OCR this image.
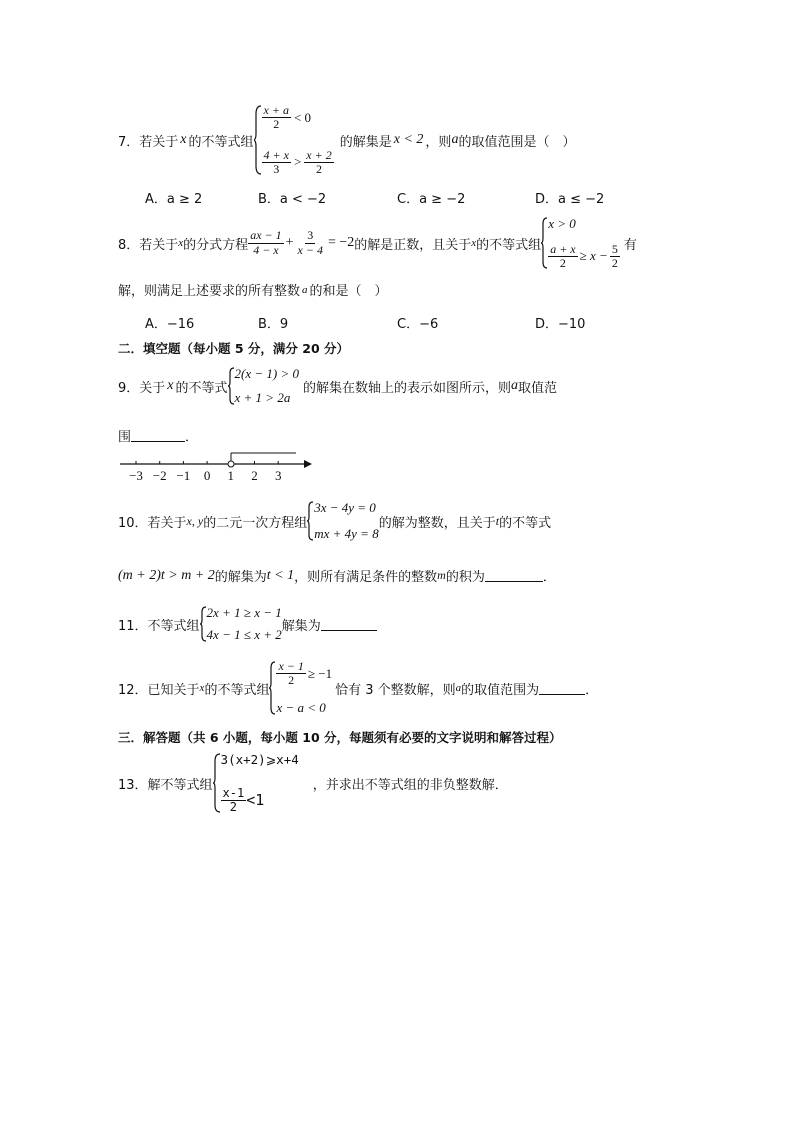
7．若关于 x 的不等式组
$\frac{x + a}{2} < 0$
$\frac{4 + x}{3} > \frac{x + 2}{2}$
的解集是 x < 2 ，则 a 的取值范围是（　）
A．a ≥ 2	B．a < −2	C．a ≥ −2	D．a ≤ −2
8．若关于 x 的分式方程 $\frac{ax - 1}{4 - x} + \frac{3}{x - 4} = -2$ 的解是正数，且关于 x 的不等式组
x > 0
$\frac{a + x}{2} \ge x - \frac{5}{2}$ 有
解，则满足上述要求的所有整数 a 的和是（　）
A．−16	B．9	C．−6	D．−10
二．填空题（每小题 5 分，满分 20 分）
9．关于 x 的不等式
2(x − 1) > 0
x + 1 > 2a
的解集在数轴上的表示如图所示，则 a 取值范
围	．
−3 −2 −1 0 1 2 3
10．若关于 x, y 的二元一次方程组
3x − 4y = 0
mx + 4y = 8
的解为整数，且关于 t 的不等式
(m + 2)t > m + 2 的解集为 t < 1 ，则所有满足条件的整数 m 的积为	．
11．不等式组
2x + 1 ≥ x − 1
4x − 1 ≤ x + 2
解集为
12．已知关于 x 的不等式组
$\frac{x - 1}{2} \ge -1$
x − a < 0
恰有 3 个整数解，则 a 的取值范围为	．
三．解答题（共 6 小题，每小题 10 分，每题须有必要的文字说明和解答过程）
13．解不等式组
3(x+2)⩾x+4
$\frac{x-1}{2} <1$
，并求出不等式组的非负整数解．
